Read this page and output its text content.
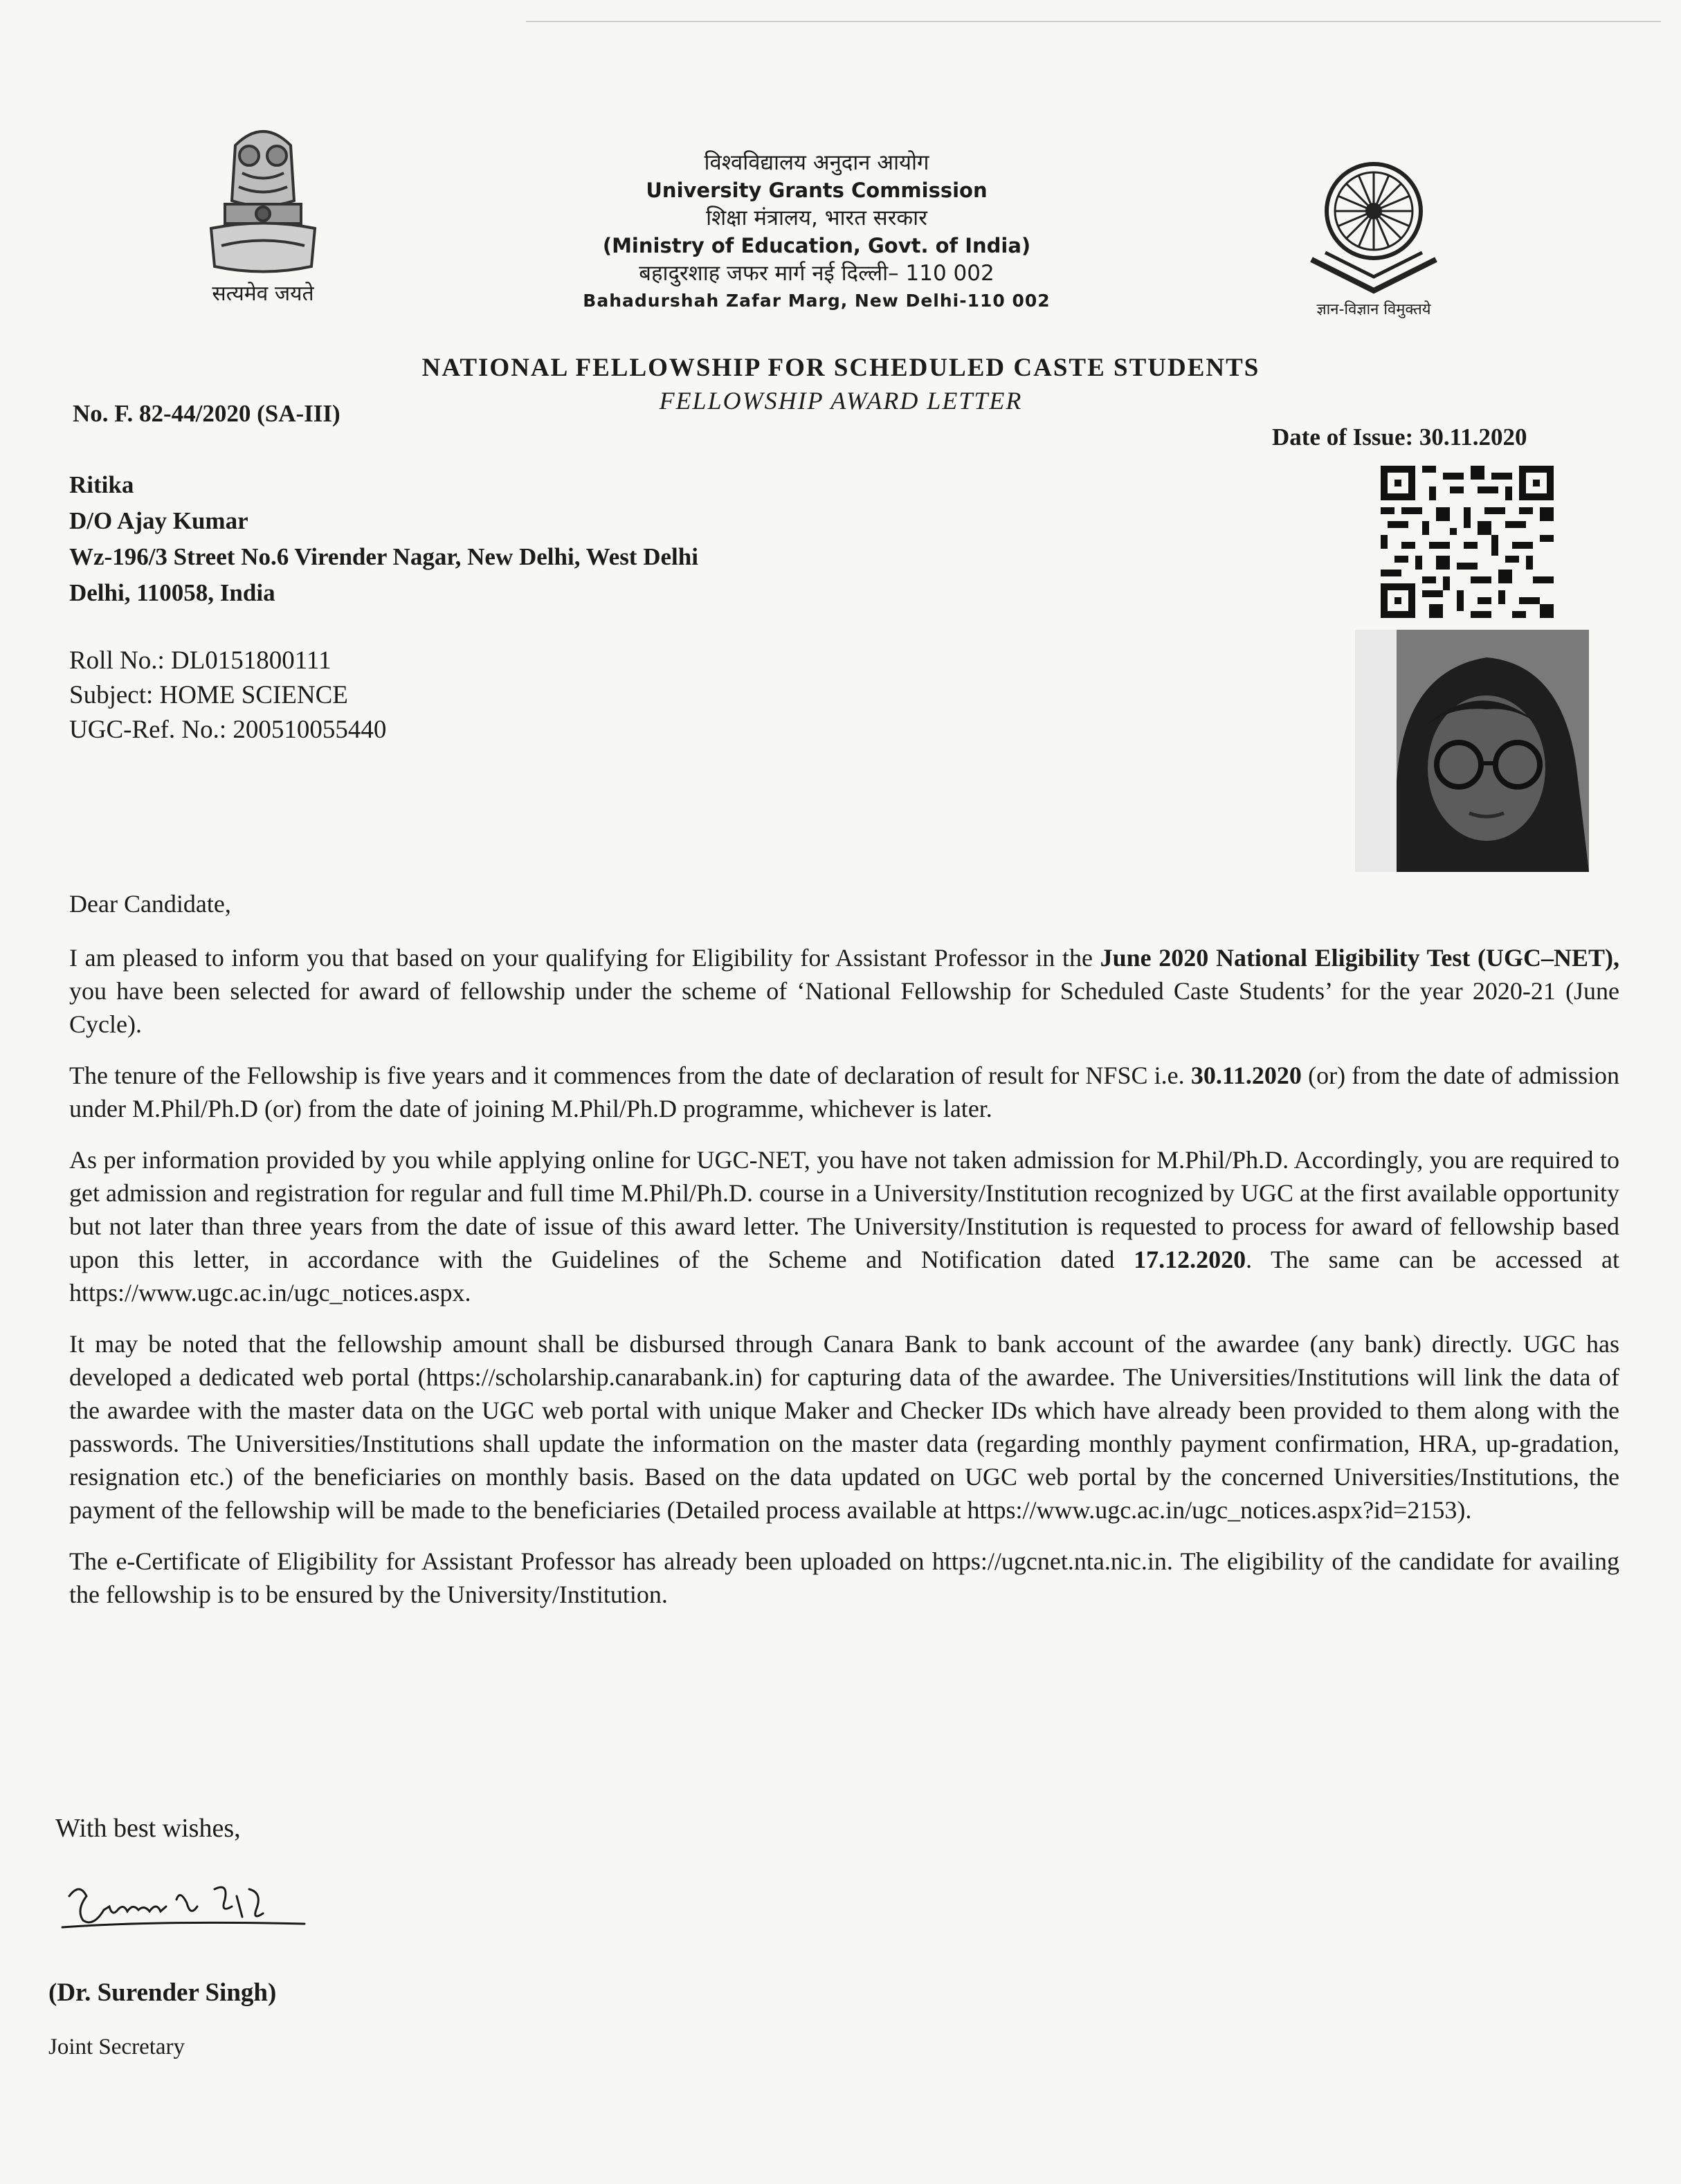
सत्यमेव जयते
विश्वविद्यालय अनुदान आयोग
University Grants Commission
शिक्षा मंत्रालय, भारत सरकार
(Ministry of Education, Govt. of India)
बहादुरशाह जफर मार्ग नई दिल्ली– 110 002
Bahadurshah Zafar Marg, New Delhi-110 002	ज्ञान-विज्ञान विमुक्तये
NATIONAL FELLOWSHIP FOR SCHEDULED CASTE STUDENTS
FELLOWSHIP AWARD LETTER
No. F. 82-44/2020 (SA-III)
Date of Issue: 30.11.2020
Ritika
D/O Ajay Kumar
Wz-196/3 Street No.6 Virender Nagar, New Delhi, West Delhi
Delhi, 110058, India
Roll No.: DL0151800111
Subject: HOME SCIENCE
UGC-Ref. No.: 200510055440

Dear Candidate,

I am pleased to inform you that based on your qualifying for Eligibility for Assistant Professor in the June 2020 National Eligibility Test (UGC–NET), you have been selected for award of fellowship under the scheme of ‘National Fellowship for Scheduled Caste Students’ for the year 2020-21 (June Cycle).

The tenure of the Fellowship is five years and it commences from the date of declaration of result for NFSC i.e. 30.11.2020 (or) from the date of admission under M.Phil/Ph.D (or) from the date of joining M.Phil/Ph.D programme, whichever is later.

As per information provided by you while applying online for UGC-NET, you have not taken admission for M.Phil/Ph.D. Accordingly, you are required to get admission and registration for regular and full time M.Phil/Ph.D. course in a University/Institution recognized by UGC at the first available opportunity but not later than three years from the date of issue of this award letter. The University/Institution is requested to process for award of fellowship based upon this letter, in accordance with the Guidelines of the Scheme and Notification dated 17.12.2020. The same can be accessed at https://www.ugc.ac.in/ugc_notices.aspx.

It may be noted that the fellowship amount shall be disbursed through Canara Bank to bank account of the awardee (any bank) directly. UGC has developed a dedicated web portal (https://scholarship.canarabank.in) for capturing data of the awardee. The Universities/Institutions will link the data of the awardee with the master data on the UGC web portal with unique Maker and Checker IDs which have already been provided to them along with the passwords. The Universities/Institutions shall update the information on the master data (regarding monthly payment confirmation, HRA, up-gradation, resignation etc.) of the beneficiaries on monthly basis. Based on the data updated on UGC web portal by the concerned Universities/Institutions, the payment of the fellowship will be made to the beneficiaries (Detailed process available at https://www.ugc.ac.in/ugc_notices.aspx?id=2153).

The e-Certificate of Eligibility for Assistant Professor has already been uploaded on https://ugcnet.nta.nic.in. The eligibility of the candidate for availing the fellowship is to be ensured by the University/Institution.

With best wishes,
(Dr. Surender Singh)
Joint Secretary
